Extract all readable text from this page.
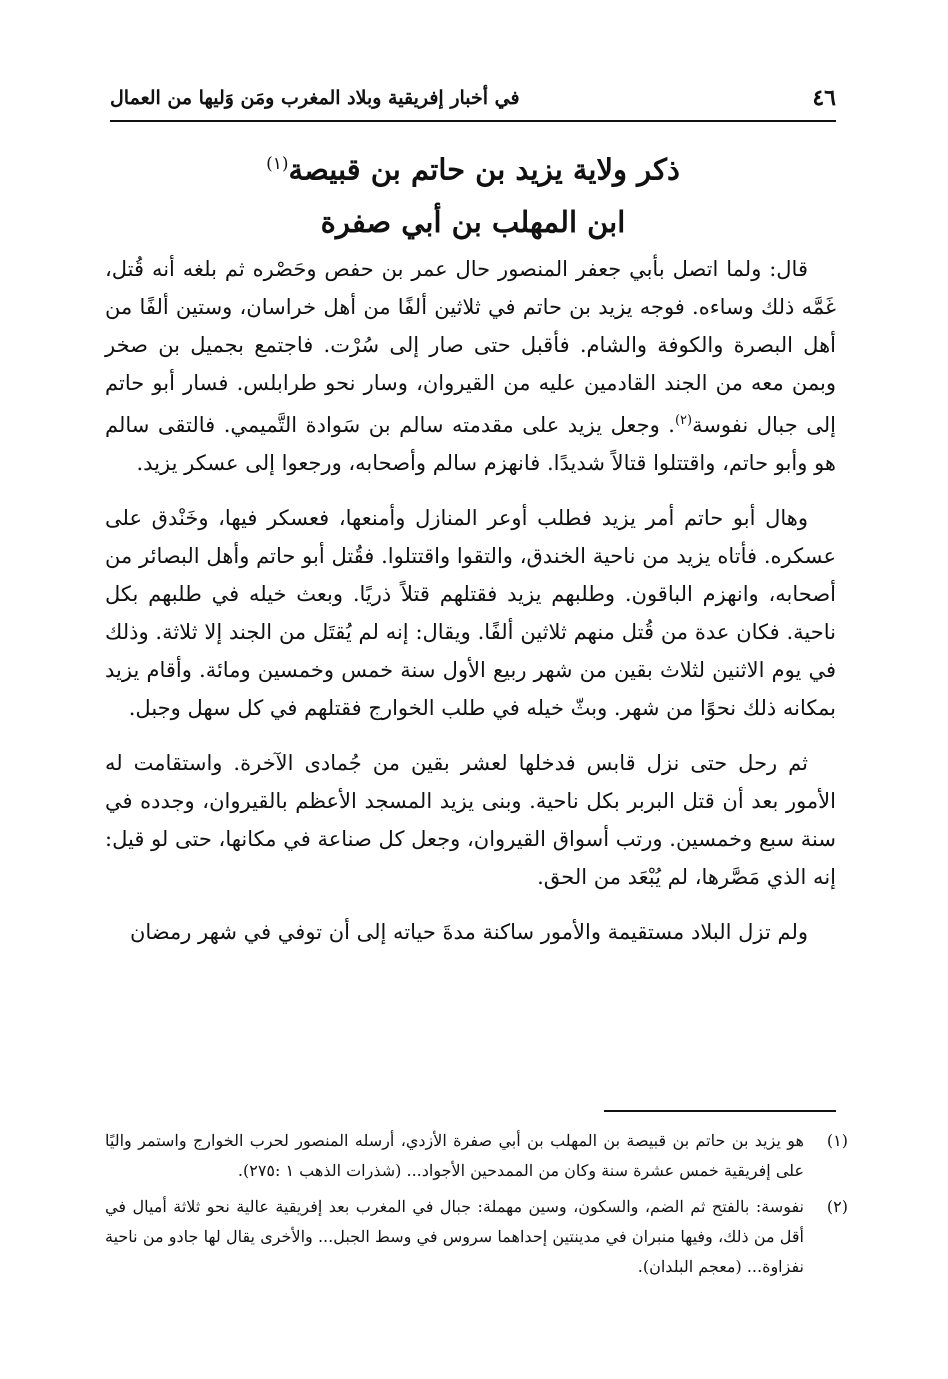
٤٦
في أخبار إفريقية وبلاد المغرب ومَن وَليها من العمال
ذكر ولاية يزيد بن حاتم بن قبيصة$^{(١)}$
ابن المهلب بن أبي صفرة

قال: ولما اتصل بأبي جعفر المنصور حال عمر بن حفص وحَصْره ثم بلغه أنه قُتل، غَمَّه ذلك وساءه. فوجه يزيد بن حاتم في ثلاثين ألفًا من أهل خراسان، وستين ألفًا من أهل البصرة والكوفة والشام. فأقبل حتى صار إلى سُرْت. فاجتمع بجميل بن صخر وبمن معه من الجند القادمين عليه من القيروان، وسار نحو طرابلس. فسار أبو حاتم إلى جبال نفوسة$^{(٢)}$. وجعل يزيد على مقدمته سالم بن سَوادة التَّميمي. فالتقى سالم هو وأبو حاتم، واقتتلوا قتالاً شديدًا. فانهزم سالم وأصحابه، ورجعوا إلى عسكر يزيد.

وهال أبو حاتم أمر يزيد فطلب أوعر المنازل وأمنعها، فعسكر فيها، وخَنْدق على عسكره. فأتاه يزيد من ناحية الخندق، والتقوا واقتتلوا. فقُتل أبو حاتم وأهل البصائر من أصحابه، وانهزم الباقون. وطلبهم يزيد فقتلهم قتلاً ذريًا. وبعث خيله في طلبهم بكل ناحية. فكان عدة من قُتل منهم ثلاثين ألفًا. ويقال: إنه لم يُقتَل من الجند إلا ثلاثة. وذلك في يوم الاثنين لثلاث بقين من شهر ربيع الأول سنة خمس وخمسين ومائة. وأقام يزيد بمكانه ذلك نحوًا من شهر. وبثّ خيله في طلب الخوارج فقتلهم في كل سهل وجبل.

ثم رحل حتى نزل قابس فدخلها لعشر بقين من جُمادى الآخرة. واستقامت له الأمور بعد أن قتل البربر بكل ناحية. وبنى يزيد المسجد الأعظم بالقيروان، وجدده في سنة سبع وخمسين. ورتب أسواق القيروان، وجعل كل صناعة في مكانها، حتى لو قيل: إنه الذي مَصَّرها، لم يُبْعَد من الحق.

ولم تزل البلاد مستقيمة والأمور ساكنة مدةَ حياته إلى أن توفي في شهر رمضان

(١)
هو يزيد بن حاتم بن قبيصة بن المهلب بن أبي صفرة الأزدي، أرسله المنصور لحرب الخوارج واستمر واليًا على إفريقية خمس عشرة سنة وكان من الممدحين الأجواد... (شذرات الذهب ١ :٢٧٥).
(٢)
نفوسة: بالفتح ثم الضم، والسكون، وسين مهملة: جبال في المغرب بعد إفريقية عالية نحو ثلاثة أميال في أقل من ذلك، وفيها منبران في مدينتين إحداهما سروس في وسط الجبل... والأخرى يقال لها جادو من ناحية نفزاوة... (معجم البلدان).
